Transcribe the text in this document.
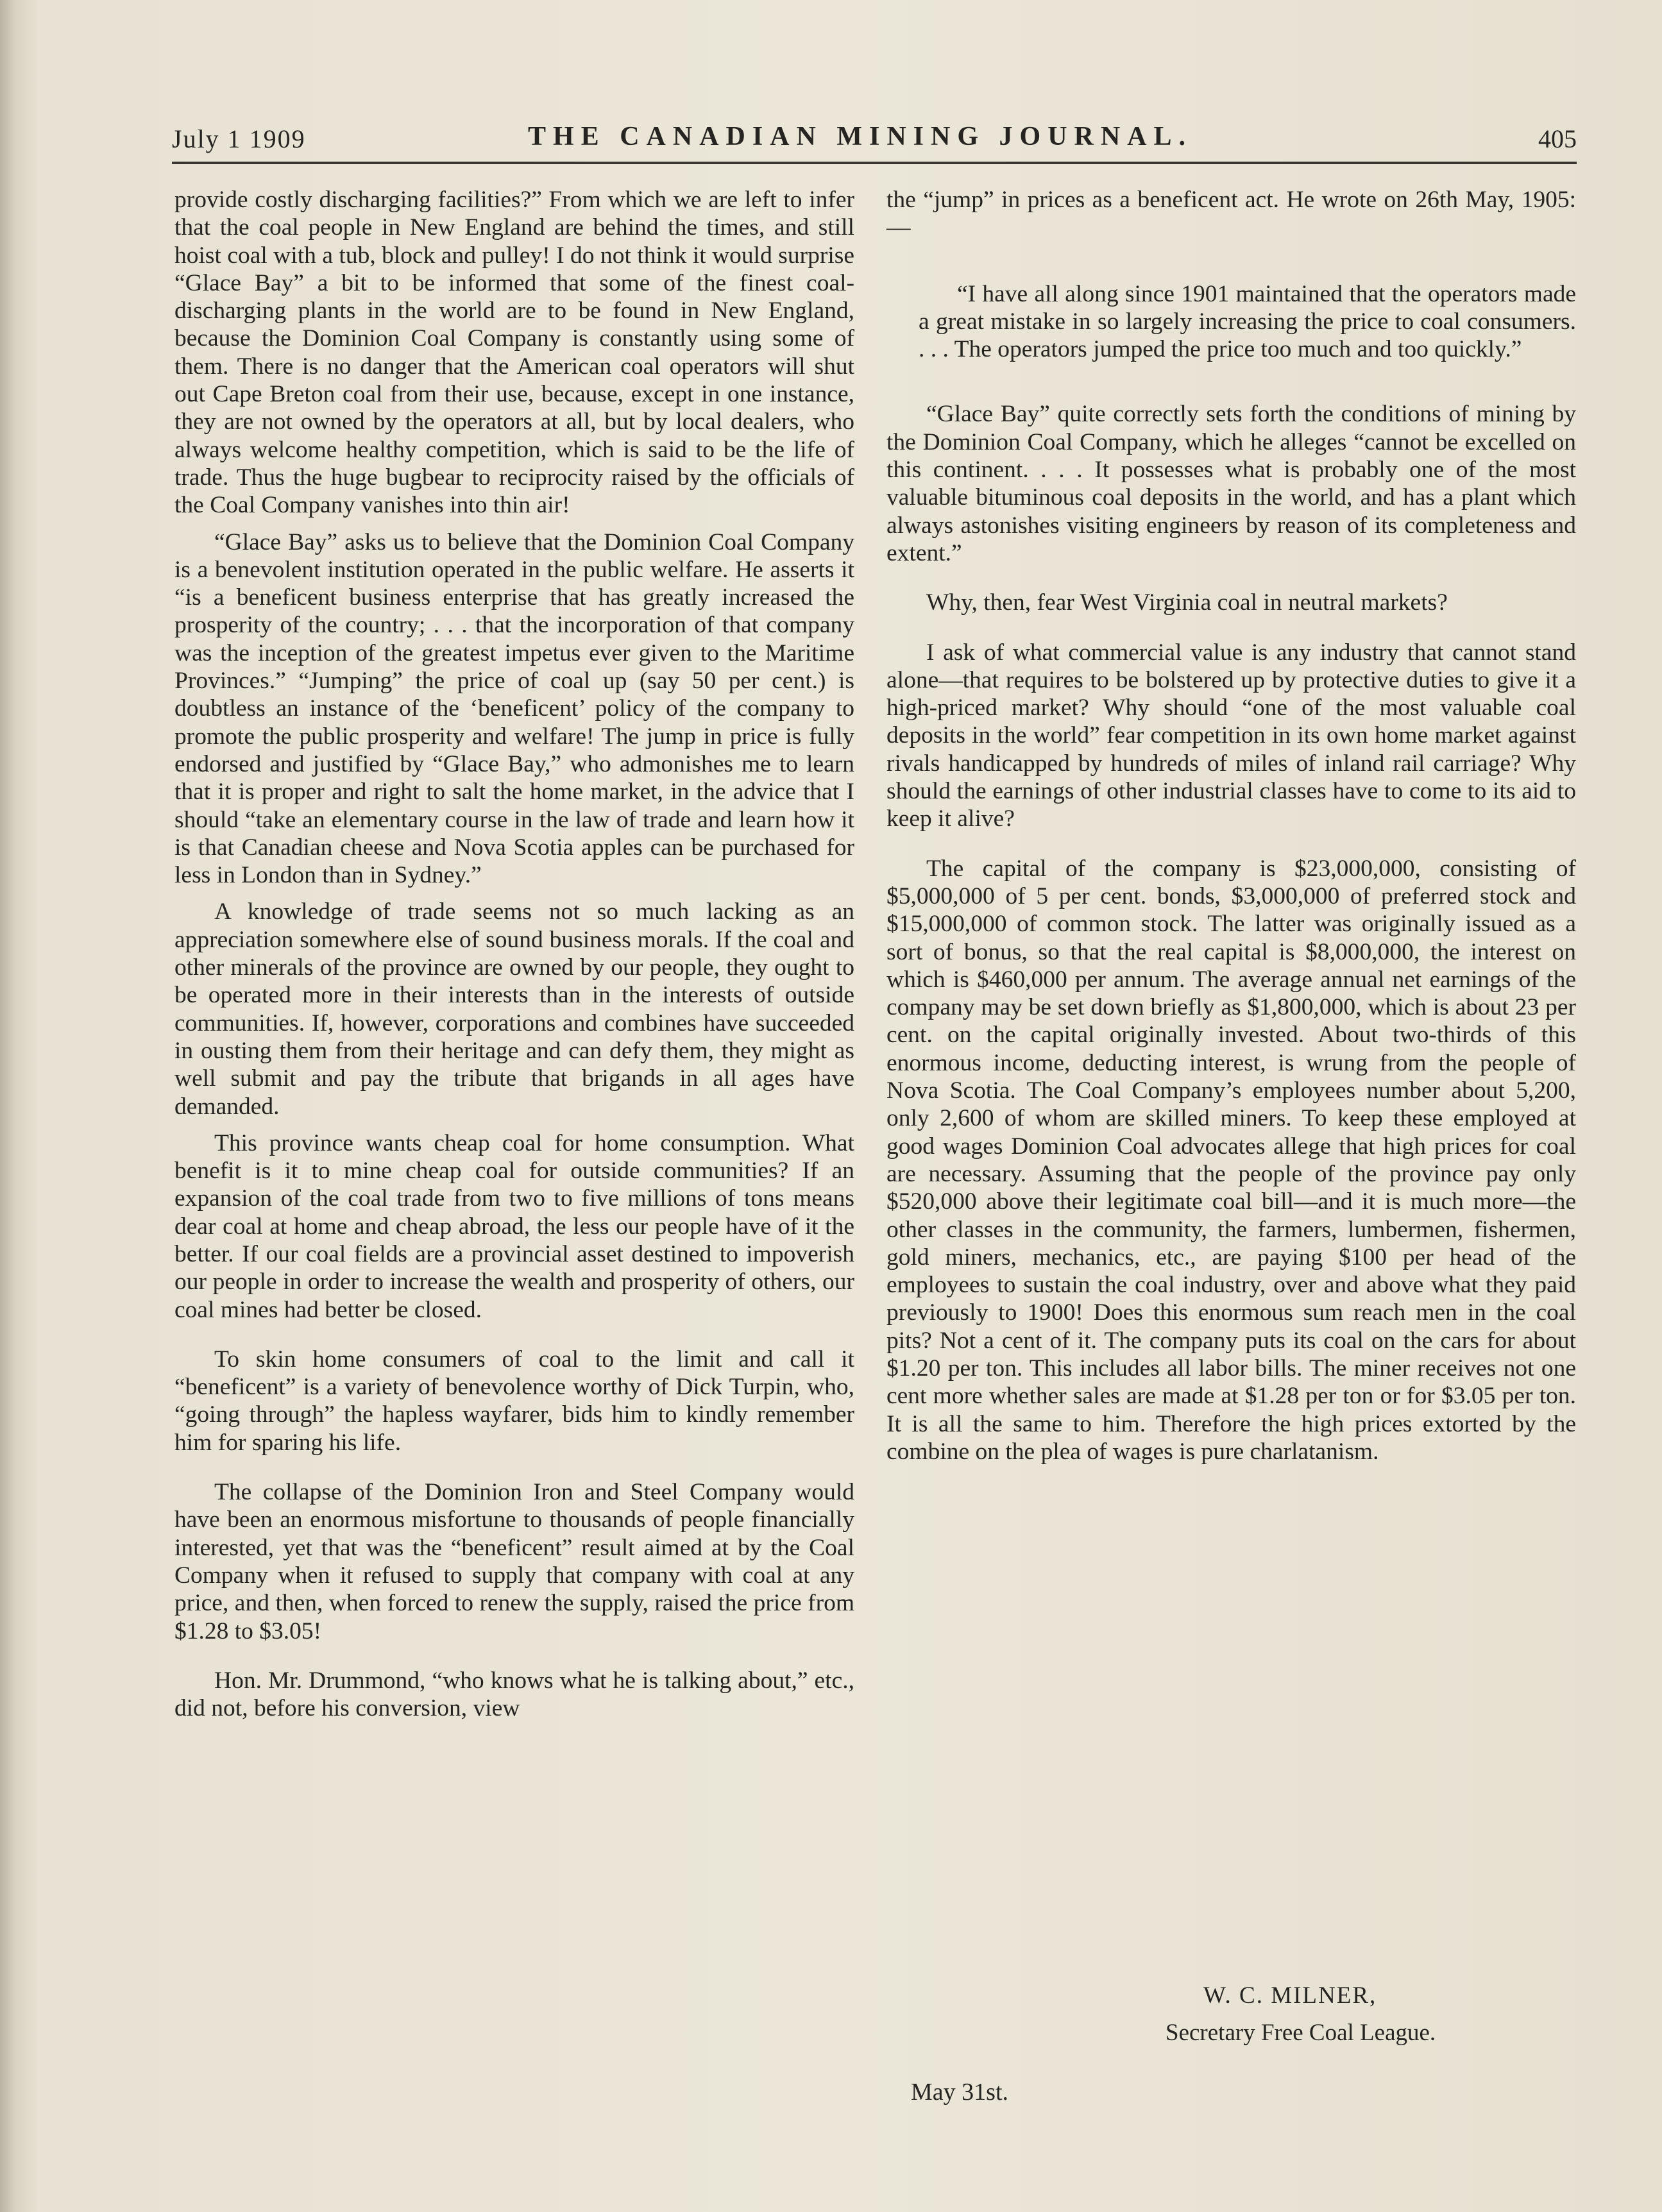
July 1 1909	THE CANADIAN MINING JOURNAL.	405

provide costly discharging facilities?” From which we are left to infer that the coal people in New England are behind the times, and still hoist coal with a tub, block and pulley! I do not think it would surprise “Glace Bay” a bit to be informed that some of the finest coal-discharging plants in the world are to be found in New England, because the Dominion Coal Company is constantly using some of them. There is no danger that the American coal operators will shut out Cape Breton coal from their use, because, except in one instance, they are not owned by the operators at all, but by local dealers, who always welcome healthy competition, which is said to be the life of trade. Thus the huge bugbear to reciprocity raised by the officials of the Coal Company vanishes into thin air!

“Glace Bay” asks us to believe that the Dominion Coal Company is a benevolent institution operated in the public welfare. He asserts it “is a beneficent business enterprise that has greatly increased the prosperity of the country; . . . that the incorporation of that company was the inception of the greatest impetus ever given to the Maritime Provinces.” “Jumping” the price of coal up (say 50 per cent.) is doubtless an instance of the ‘beneficent’ policy of the company to promote the public prosperity and welfare! The jump in price is fully endorsed and justified by “Glace Bay,” who admonishes me to learn that it is proper and right to salt the home market, in the advice that I should “take an elementary course in the law of trade and learn how it is that Canadian cheese and Nova Scotia apples can be purchased for less in London than in Sydney.”

A knowledge of trade seems not so much lacking as an appreciation somewhere else of sound business morals. If the coal and other minerals of the province are owned by our people, they ought to be operated more in their interests than in the interests of outside communities. If, however, corporations and combines have succeeded in ousting them from their heritage and can defy them, they might as well submit and pay the tribute that brigands in all ages have demanded.

This province wants cheap coal for home consumption. What benefit is it to mine cheap coal for outside communities? If an expansion of the coal trade from two to five millions of tons means dear coal at home and cheap abroad, the less our people have of it the better. If our coal fields are a provincial asset destined to impoverish our people in order to increase the wealth and prosperity of others, our coal mines had better be closed.

To skin home consumers of coal to the limit and call it “beneficent” is a variety of benevolence worthy of Dick Turpin, who, “going through” the hapless wayfarer, bids him to kindly remember him for sparing his life.

The collapse of the Dominion Iron and Steel Company would have been an enormous misfortune to thousands of people financially interested, yet that was the “beneficent” result aimed at by the Coal Company when it refused to supply that company with coal at any price, and then, when forced to renew the supply, raised the price from $1.28 to $3.05!

Hon. Mr. Drummond, “who knows what he is talking about,” etc., did not, before his conversion, view

the “jump” in prices as a beneficent act. He wrote on 26th May, 1905:—

“I have all along since 1901 maintained that the operators made a great mistake in so largely increasing the price to coal consumers. . . . The operators jumped the price too much and too quickly.”

“Glace Bay” quite correctly sets forth the conditions of mining by the Dominion Coal Company, which he alleges “cannot be excelled on this continent. . . . It possesses what is probably one of the most valuable bituminous coal deposits in the world, and has a plant which always astonishes visiting engineers by reason of its completeness and extent.”

Why, then, fear West Virginia coal in neutral markets?

I ask of what commercial value is any industry that cannot stand alone—that requires to be bolstered up by protective duties to give it a high-priced market? Why should “one of the most valuable coal deposits in the world” fear competition in its own home market against rivals handicapped by hundreds of miles of inland rail carriage? Why should the earnings of other industrial classes have to come to its aid to keep it alive?

The capital of the company is $23,000,000, consisting of $5,000,000 of 5 per cent. bonds, $3,000,000 of preferred stock and $15,000,000 of common stock. The latter was originally issued as a sort of bonus, so that the real capital is $8,000,000, the interest on which is $460,000 per annum. The average annual net earnings of the company may be set down briefly as $1,800,000, which is about 23 per cent. on the capital originally invested. About two-thirds of this enormous income, deducting interest, is wrung from the people of Nova Scotia. The Coal Company’s employees number about 5,200, only 2,600 of whom are skilled miners. To keep these employed at good wages Dominion Coal advocates allege that high prices for coal are necessary. Assuming that the people of the province pay only $520,000 above their legitimate coal bill—and it is much more—the other classes in the community, the farmers, lumbermen, fishermen, gold miners, mechanics, etc., are paying $100 per head of the employees to sustain the coal industry, over and above what they paid previously to 1900! Does this enormous sum reach men in the coal pits? Not a cent of it. The company puts its coal on the cars for about $1.20 per ton. This includes all labor bills. The miner receives not one cent more whether sales are made at $1.28 per ton or for $3.05 per ton. It is all the same to him. Therefore the high prices extorted by the combine on the plea of wages is pure charlatanism.

W. C. MILNER,
Secretary Free Coal League.
May 31st.
